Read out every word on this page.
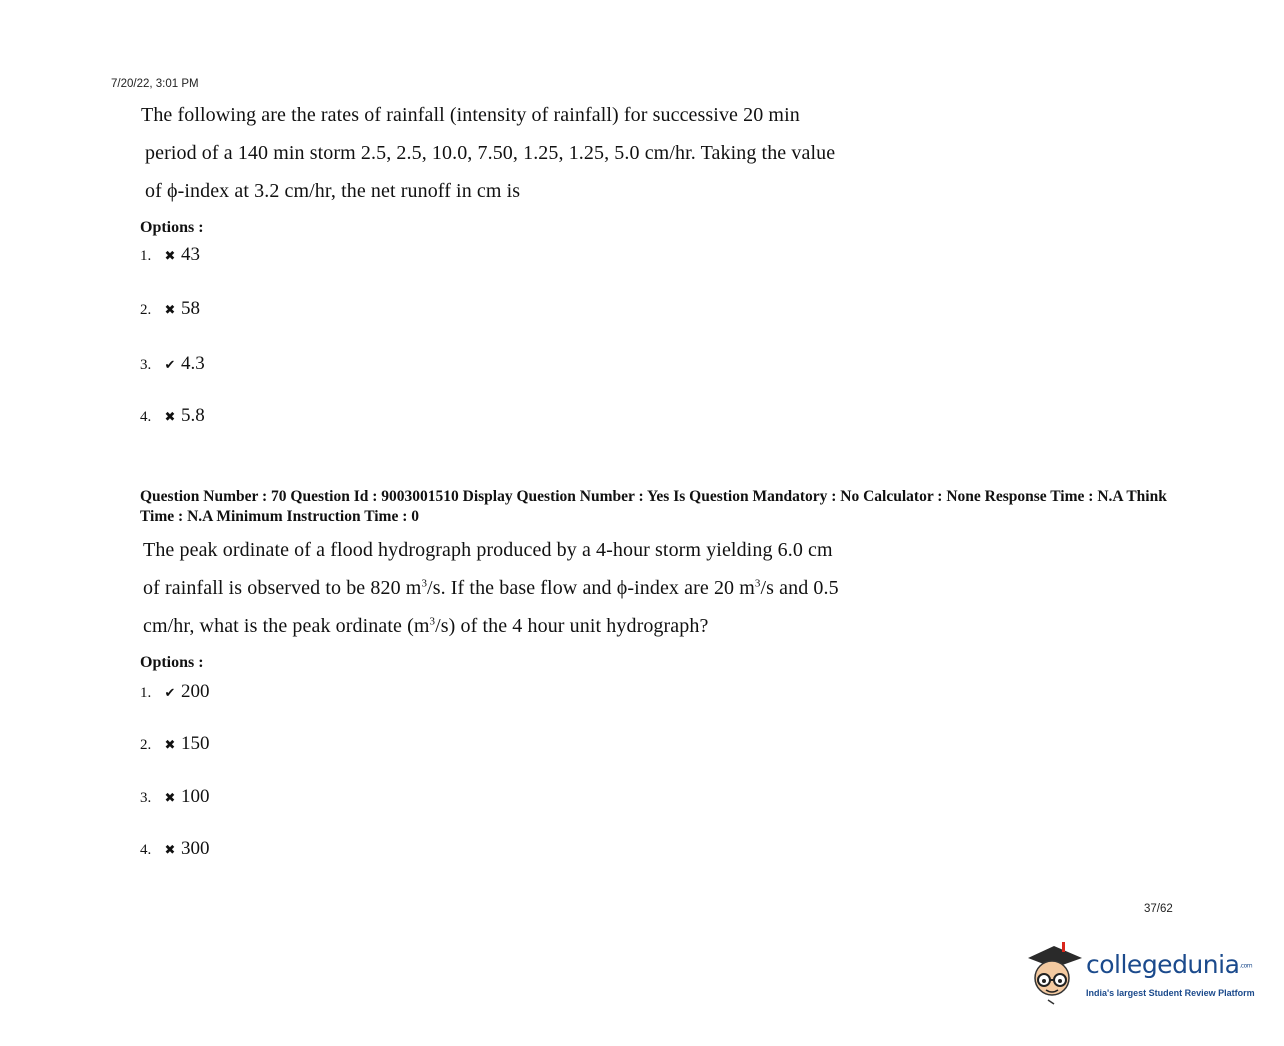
7/20/22, 3:01 PM
The following are the rates of rainfall (intensity of rainfall) for successive 20 min
period of a 140 min storm 2.5, 2.5, 10.0, 7.50, 1.25, 1.25, 5.0 cm/hr. Taking the value
of ϕ-index at 3.2 cm/hr, the net runoff in cm is
Options :
1.	✖ 43
2.	✖ 58
3.	✔ 4.3
4.	✖ 5.8
Question Number : 70 Question Id : 9003001510 Display Question Number : Yes Is Question Mandatory : No Calculator : None Response Time : N.A Think Time : N.A Minimum Instruction Time : 0
The peak ordinate of a flood hydrograph produced by a 4-hour storm yielding 6.0 cm
of rainfall is observed to be 820 $m^3/s$. If the base flow and ϕ-index are 20 $m^3/s$ and 0.5
cm/hr, what is the peak ordinate $(m^3/s)$ of the 4 hour unit hydrograph?
Options :
1.	✔ 200
2.	✖ 150
3.	✖ 100
4.	✖ 300
37/62
collegedunia.com
India's largest Student Review Platform
